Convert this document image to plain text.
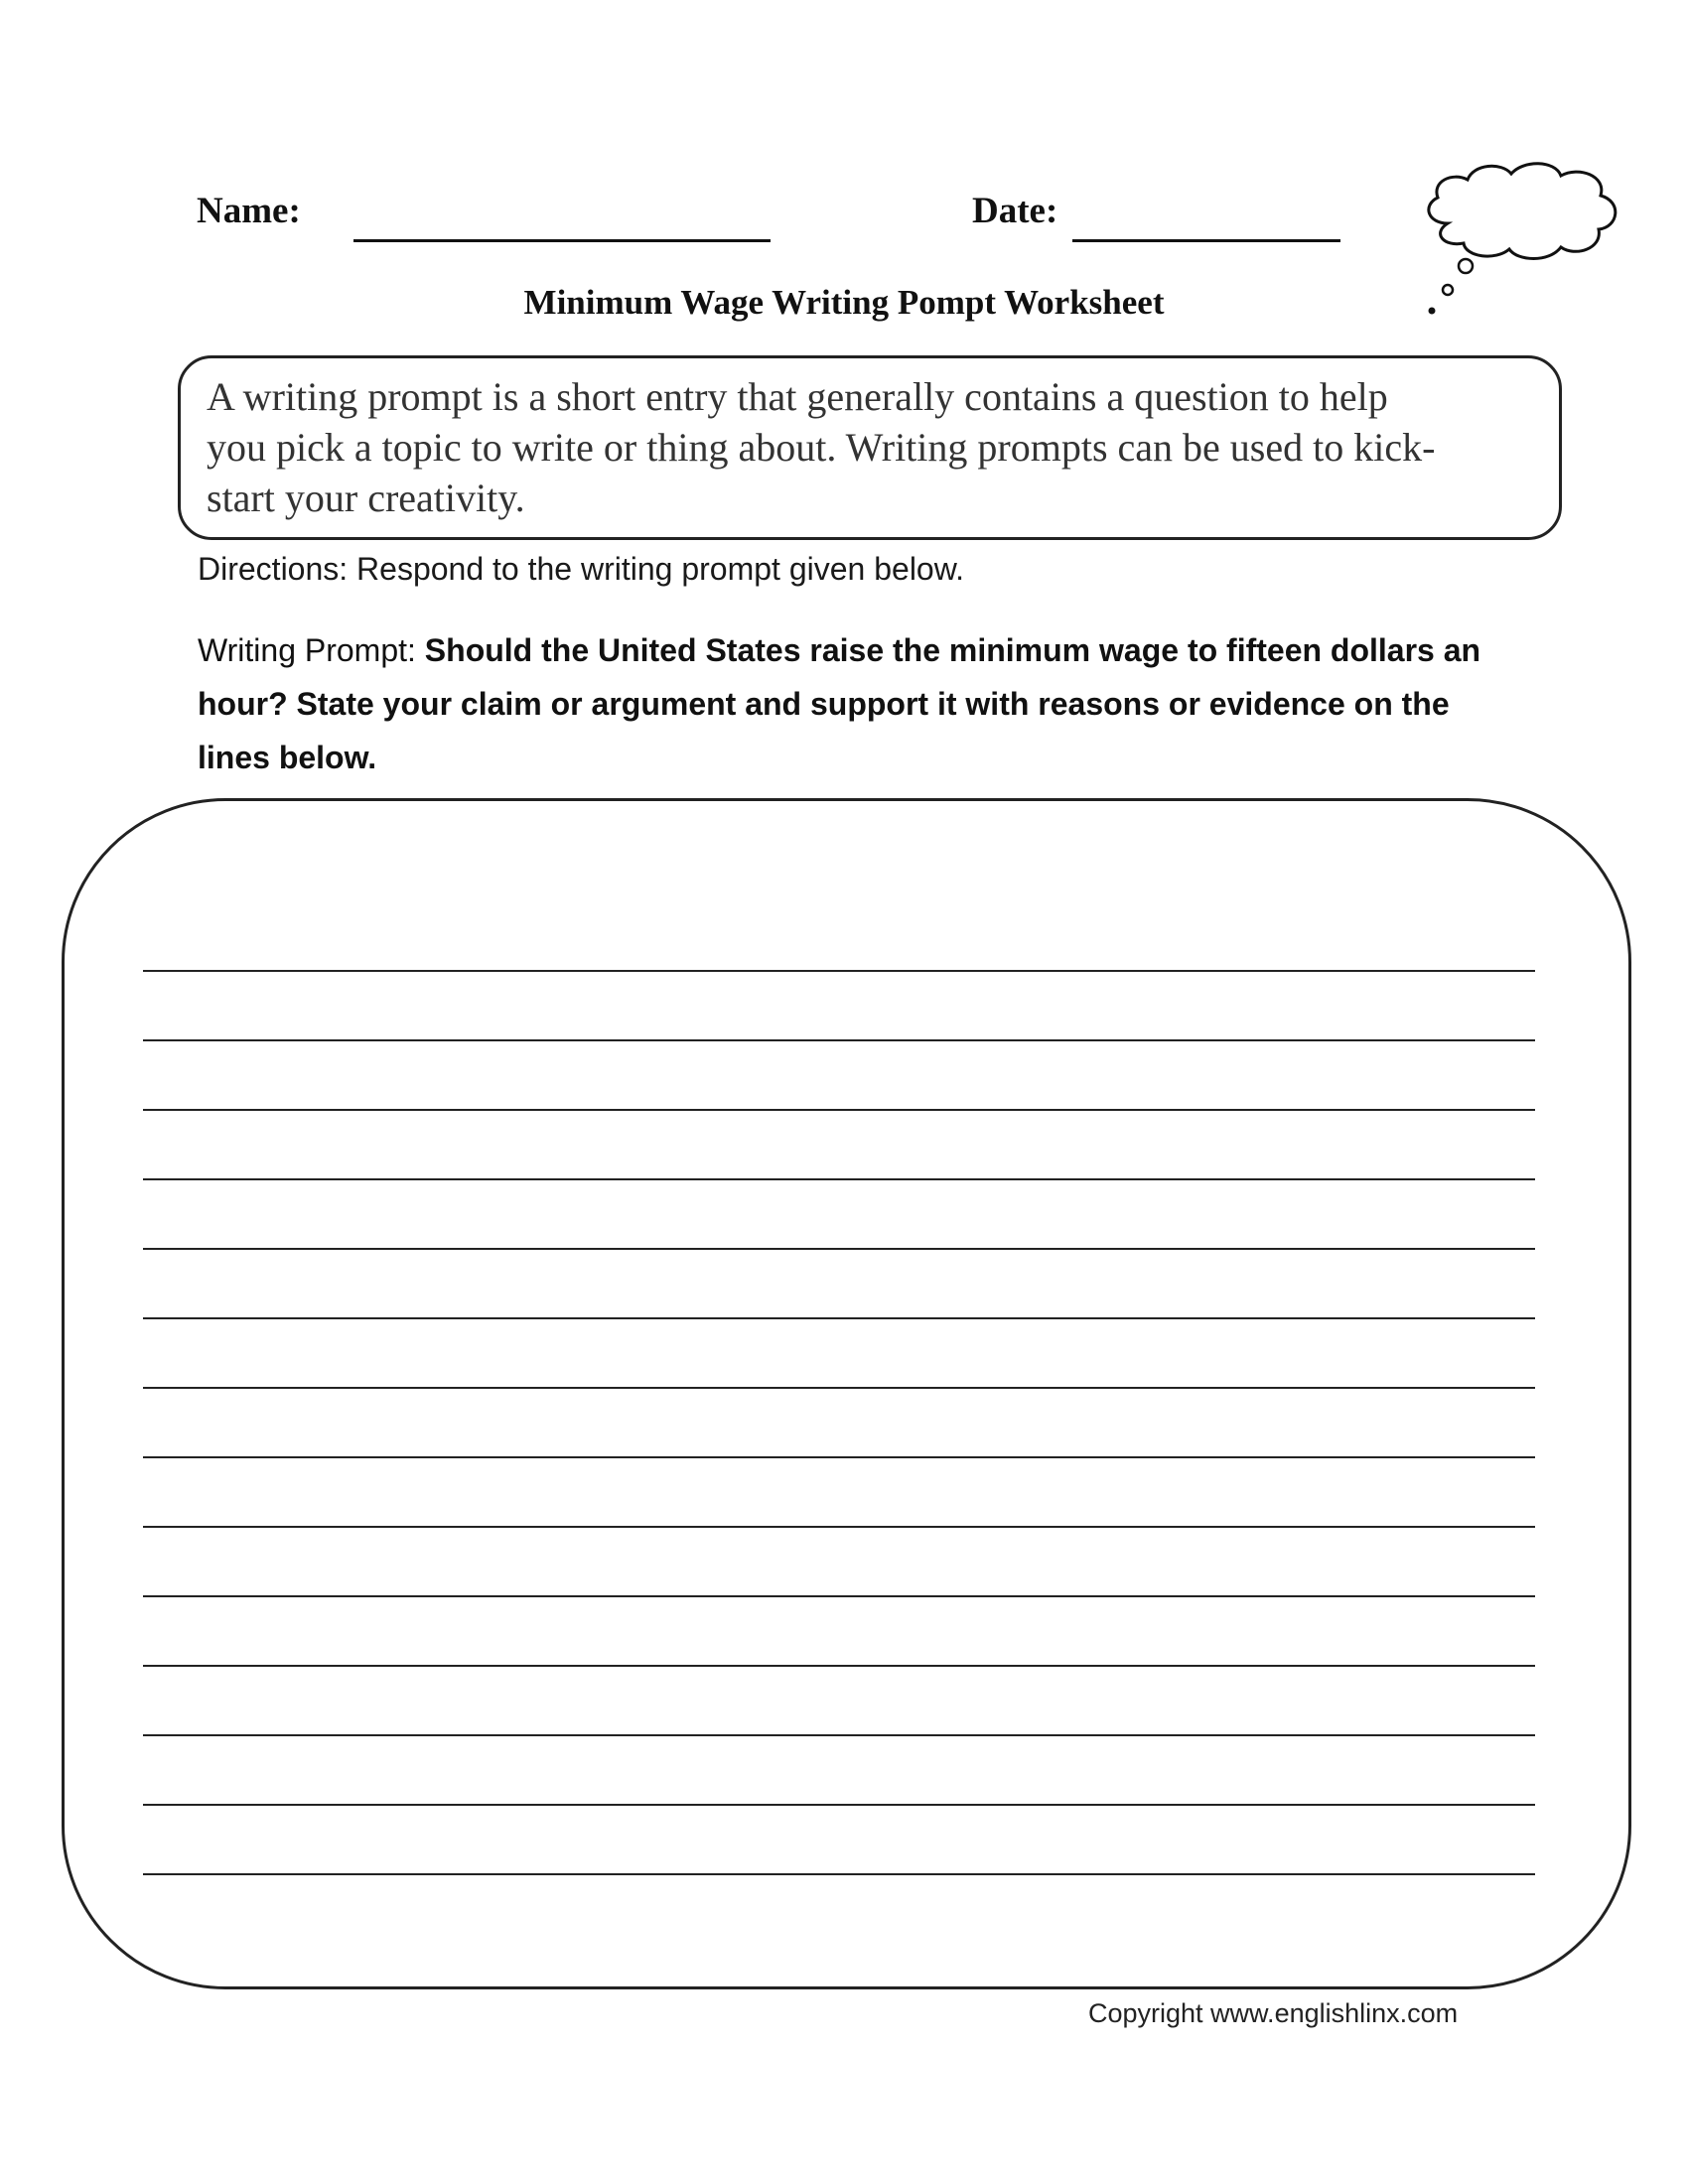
Name:	Date:
Minimum Wage Writing Pompt Worksheet
A writing prompt is a short entry that generally contains a question to help
you pick a topic to write or thing about. Writing prompts can be used to kick-
start your creativity.
Directions: Respond to the writing prompt given below.
Writing Prompt: Should the United States raise the minimum wage to fifteen dollars an hour? State your claim or argument and support it with reasons or evidence on the lines below.
Copyright www.englishlinx.com
